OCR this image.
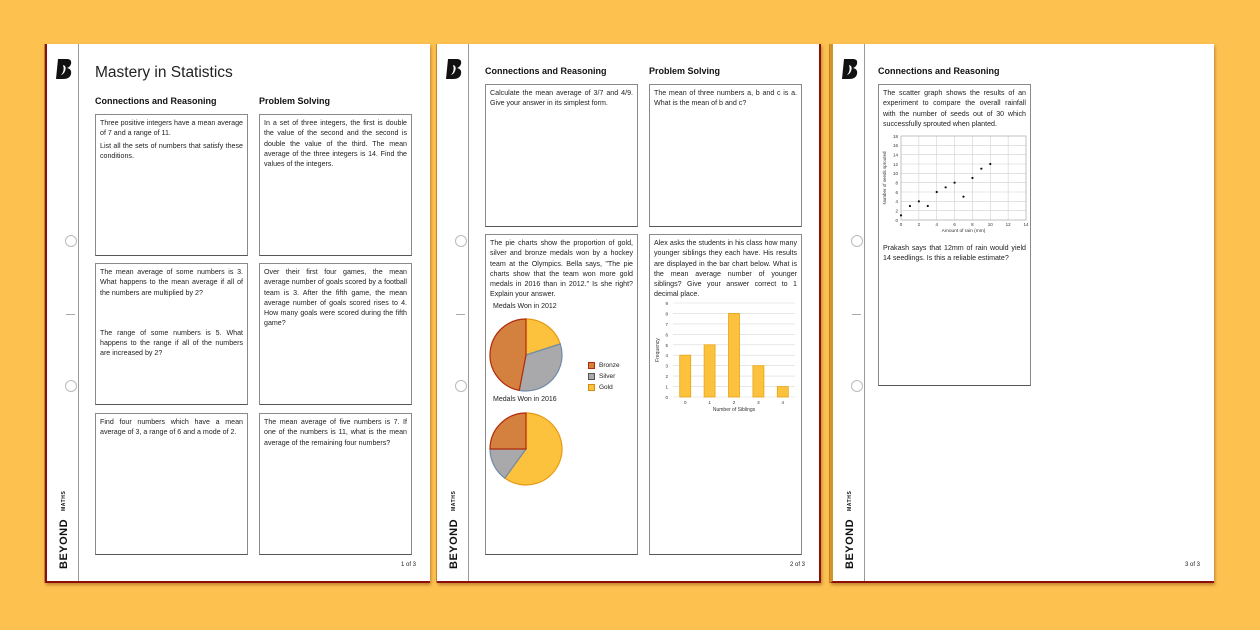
BEYOND
MATHS
Mastery in Statistics
Connections and Reasoning	Problem Solving

Three positive integers have a mean average of 7 and a range of 11.

List all the sets of numbers that satisfy these conditions.

In a set of three integers, the first is double the value of the second and the second is double the value of the third. The mean average of the three integers is 14. Find the values of the integers.

The mean average of some numbers is 3. What happens to the mean average if all of the numbers are multiplied by 2?

The range of some numbers is 5. What happens to the range if all of the numbers are increased by 2?

Over their first four games, the mean average number of goals scored by a football team is 3. After the fifth game, the mean average number of goals scored rises to 4. How many goals were scored during the fifth game?

Find four numbers which have a mean average of 3, a range of 6 and a mode of 2.

The mean average of five numbers is 7. If one of the numbers is 11, what is the mean average of the remaining four numbers?

1 of 3	BEYOND
MATHS
Connections and Reasoning	Problem Solving

Calculate the mean average of 3/7 and 4/9. Give your answer in its simplest form.

The mean of three numbers a, b and c is a. What is the mean of b and c?

The pie charts show the proportion of gold, silver and bronze medals won by a hockey team at the Olympics. Bella says, "The pie charts show that the team won more gold medals in 2016 than in 2012." Is she right? Explain your answer.

Medals Won in 2012
Bronze
Silver
Gold
Medals Won in 2016

Alex asks the students in his class how many younger siblings they each have. His results are displayed in the bar chart below. What is the mean average number of younger siblings? Give your answer correct to 1 decimal place.

0
1
2
3
4
5
6
7
8
9
0	1	2	3	4
Number of Siblings
Frequency
2 of 3	BEYOND
MATHS
Connections and Reasoning

The scatter graph shows the results of an experiment to compare the overall rainfall with the number of seeds out of 30 which successfully sprouted when planted.

Prakash says that 12mm of rain would yield 14 seedlings. Is this a reliable estimate?

0
2
4
6
8
10
12
14
16
18
0	2	4	6	8	10	12	14
Amount of rain (mm)
Number of seeds sprouted
3 of 3
